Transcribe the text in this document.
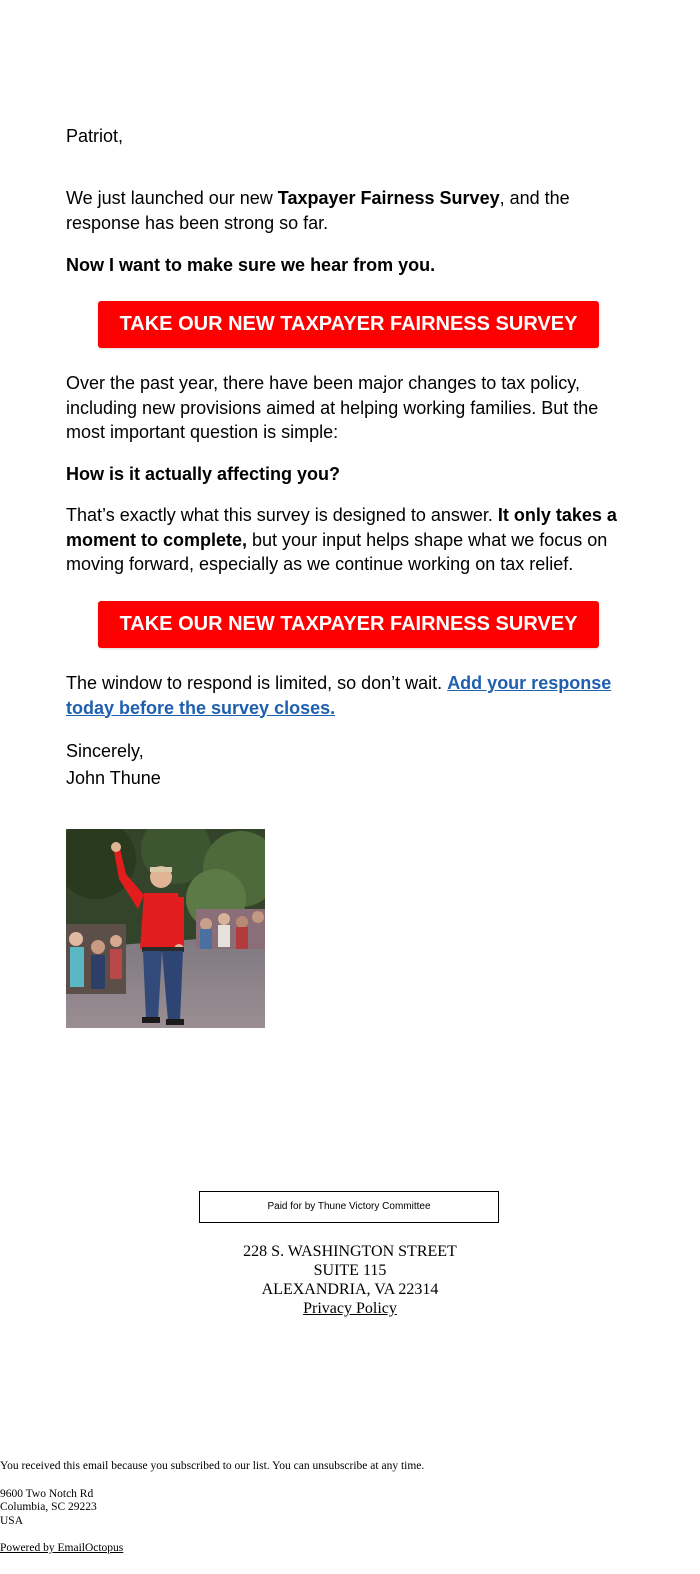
Patriot,

We just launched our new Taxpayer Fairness Survey, and the response has been strong so far.

Now I want to make sure we hear from you.

Over the past year, there have been major changes to tax policy, including new provisions aimed at helping working families. But the most important question is simple:

How is it actually affecting you?

That’s exactly what this survey is designed to answer. It only takes a moment to complete, but your input helps shape what we focus on moving forward, especially as we continue working on tax relief.

The window to respond is limited, so don’t wait. Add your response today before the survey closes.

Sincerely,
John Thune

TAKE OUR NEW TAXPAYER FAIRNESS SURVEY
TAKE OUR NEW TAXPAYER FAIRNESS SURVEY
Paid for by Thune Victory Committee
228 S. WASHINGTON STREET
SUITE 115
ALEXANDRIA, VA 22314
Privacy Policy
You received this email because you subscribed to our list. You can unsubscribe at any time.
9600 Two Notch Rd
Columbia, SC 29223
USA
Powered by EmailOctopus
